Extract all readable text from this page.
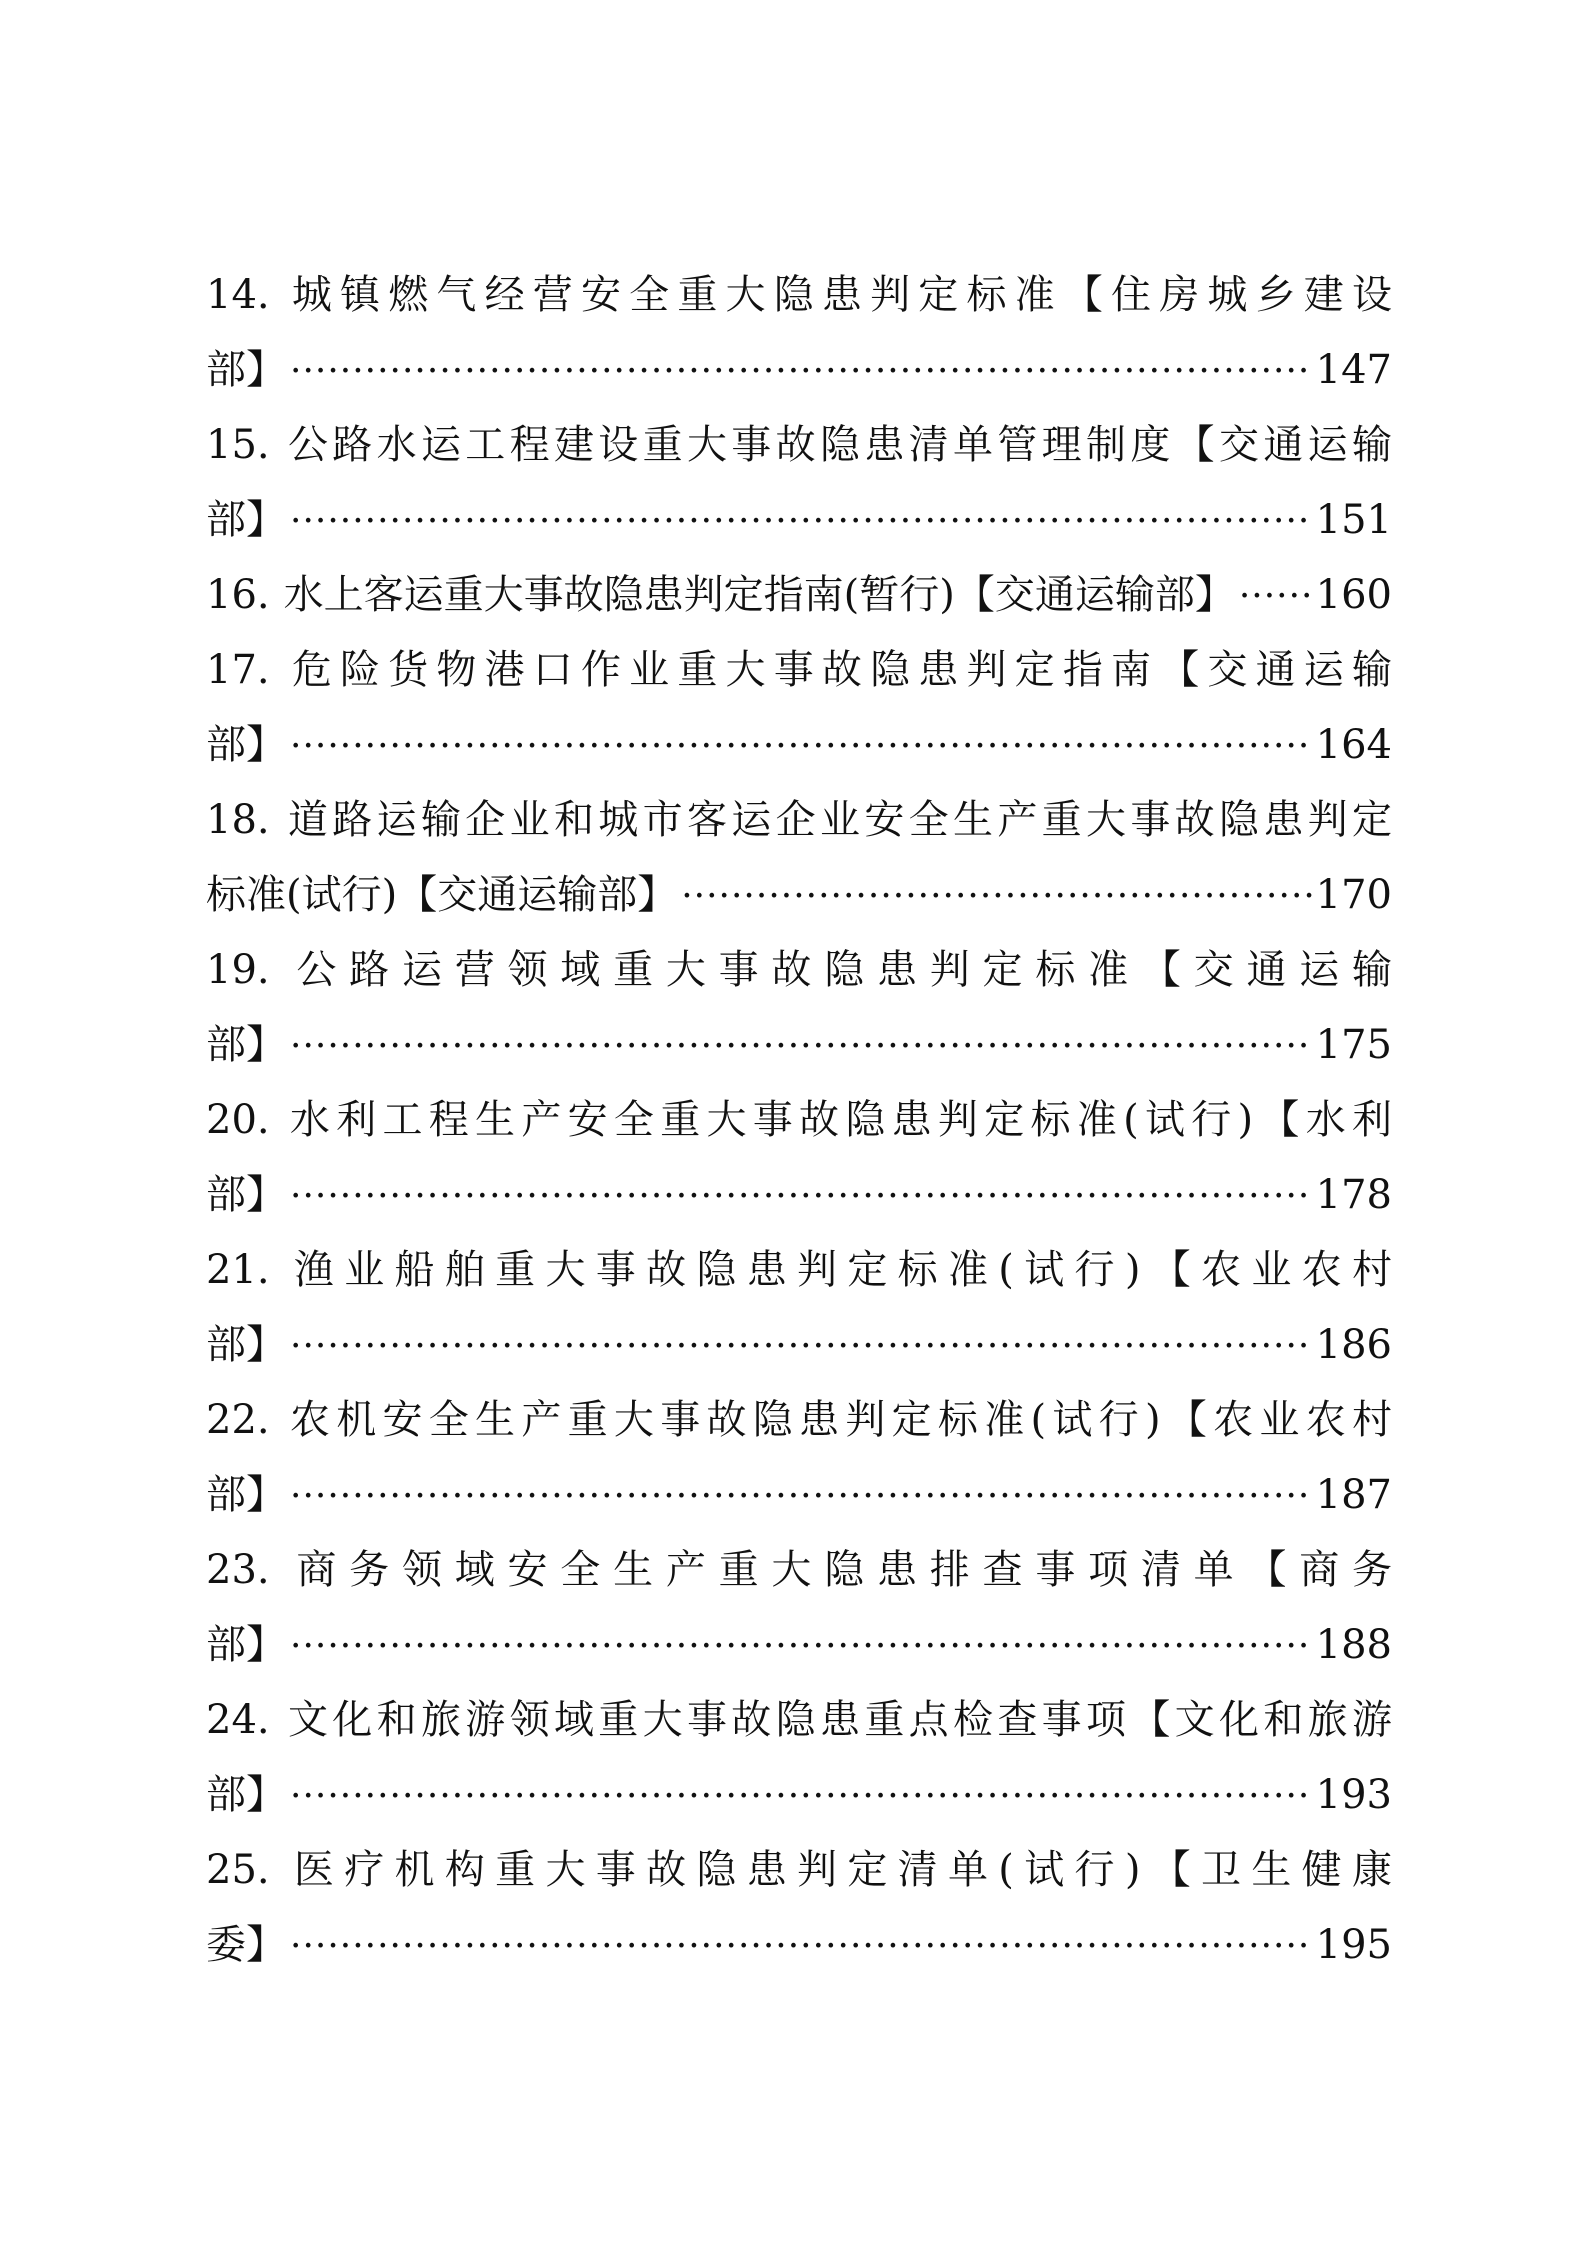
14. 城镇燃气经营安全重大隐患判定标准【住房城乡建设
部】 ·····	147
15. 公路水运工程建设重大事故隐患清单管理制度【交通运输
部】 ·····	151
16. 水上客运重大事故隐患判定指南(暂行)【交通运输部】 ····· 160
17. 危险货物港口作业重大事故隐患判定指南【交通运输
部】 ·····	164
18. 道路运输企业和城市客运企业安全生产重大事故隐患判定
标准(试行)【交通运输部】 ·····	170
19. 公路运营领域重大事故隐患判定标准【交通运输
部】 ·····	175
20. 水利工程生产安全重大事故隐患判定标准(试行)【水利
部】 ·····	178
21. 渔业船舶重大事故隐患判定标准(试行)【农业农村
部】 ·····	186
22. 农机安全生产重大事故隐患判定标准(试行)【农业农村
部】 ·····	187
23. 商务领域安全生产重大隐患排查事项清单【商务
部】 ·····	188
24. 文化和旅游领域重大事故隐患重点检查事项【文化和旅游
部】 ·····	193
25. 医疗机构重大事故隐患判定清单(试行)【卫生健康
委】 ·····	195
